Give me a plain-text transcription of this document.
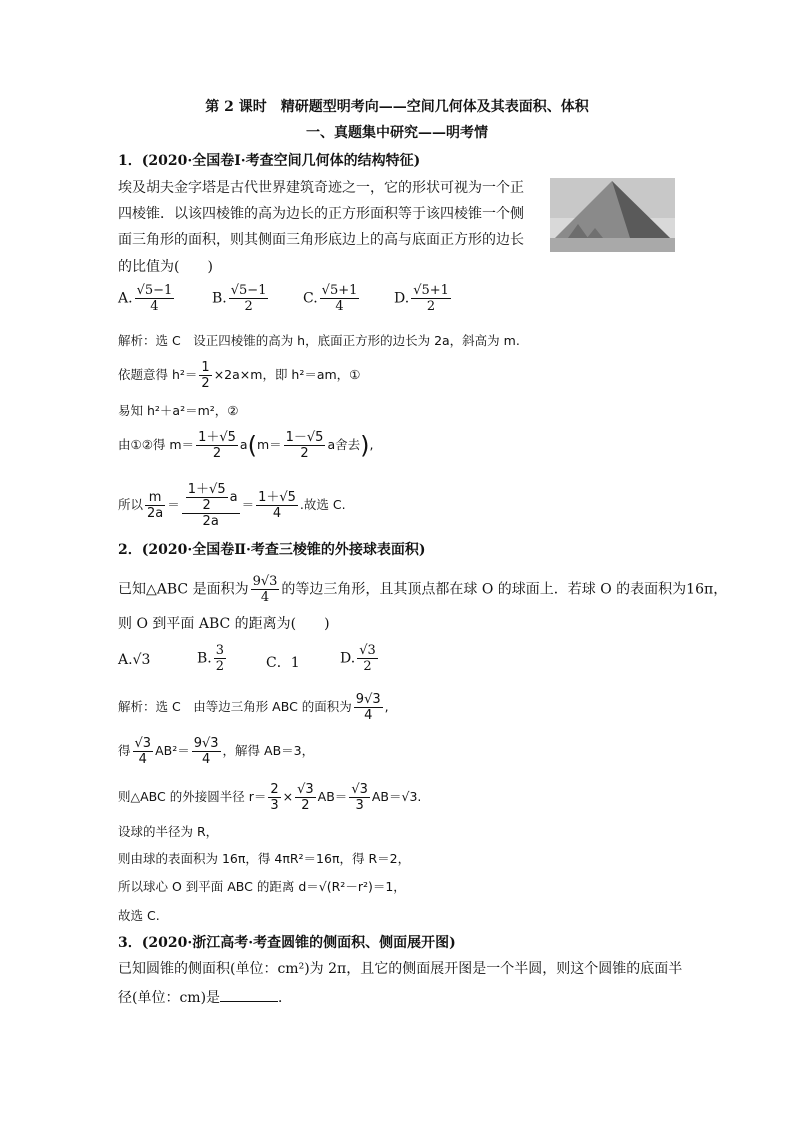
第 2 课时　精研题型明考向——空间几何体及其表面积、体积
一、真题集中研究——明考情
1．(2020·全国卷Ⅰ·考查空间几何体的结构特征)
埃及胡夫金字塔是古代世界建筑奇迹之一，它的形状可视为一个正
四棱锥．以该四棱锥的高为边长的正方形面积等于该四棱锥一个侧
面三角形的面积，则其侧面三角形底边上的高与底面正方形的边长
的比值为(　　)
A. $\frac{√5-1}{4}$	B. $\frac{√5-1}{2} C$. $\frac{√5+1}{4} D$. $\frac{√5+1}{2}$
解析：选 C　设正四棱锥的高为 h，底面正方形的边长为 2a，斜高为 m.
依题意得 $h^2= \frac{1}{2} \times 2a\times m$，即 h²＝am，①
易知 h²＋a²＝m²，②
由①②得 $m= \frac{1+√5}{2} a(m= \frac{1-√5}{2}$ a舍去),
所以 $\frac{m}{2a} = \frac{\frac{1+√5}{2} a}{2a} = \frac{1+√5}{4}$ .故选 C.
2．(2020·全国卷Ⅱ·考查三棱锥的外接球表面积)
已知△ABC 是面积为 $\frac{9√3}{4}$ 的等边三角形，且其顶点都在球 O 的球面上．若球 O 的表面积为16π，
则 O 到平面 ABC 的距离为(　　)
A.√3	B. $\frac{3}{2}$	C．1	D. $\frac{√3}{2}$
解析：选 C　由等边三角形 ABC 的面积为 $\frac{9√3}{4}$ ,
得 $\frac{√3}{4} AB^2= \frac{9√3}{4}$ ，解得 AB＝3，
则△ABC 的外接圆半径 $r= \frac{2}{3} \times \frac{√3}{2} AB= \frac{√3}{3} AB=√3$.
设球的半径为 R，
则由球的表面积为 16π，得 4πR²＝16π，得 R＝2，
所以球心 O 到平面 ABC 的距离 d＝√(R²－r²)＝1，
故选 C.
3．(2020·浙江高考·考查圆锥的侧面积、侧面展开图)
已知圆锥的侧面积(单位：cm²)为 2π，且它的侧面展开图是一个半圆，则这个圆锥的底面半
径(单位：cm)是	．
